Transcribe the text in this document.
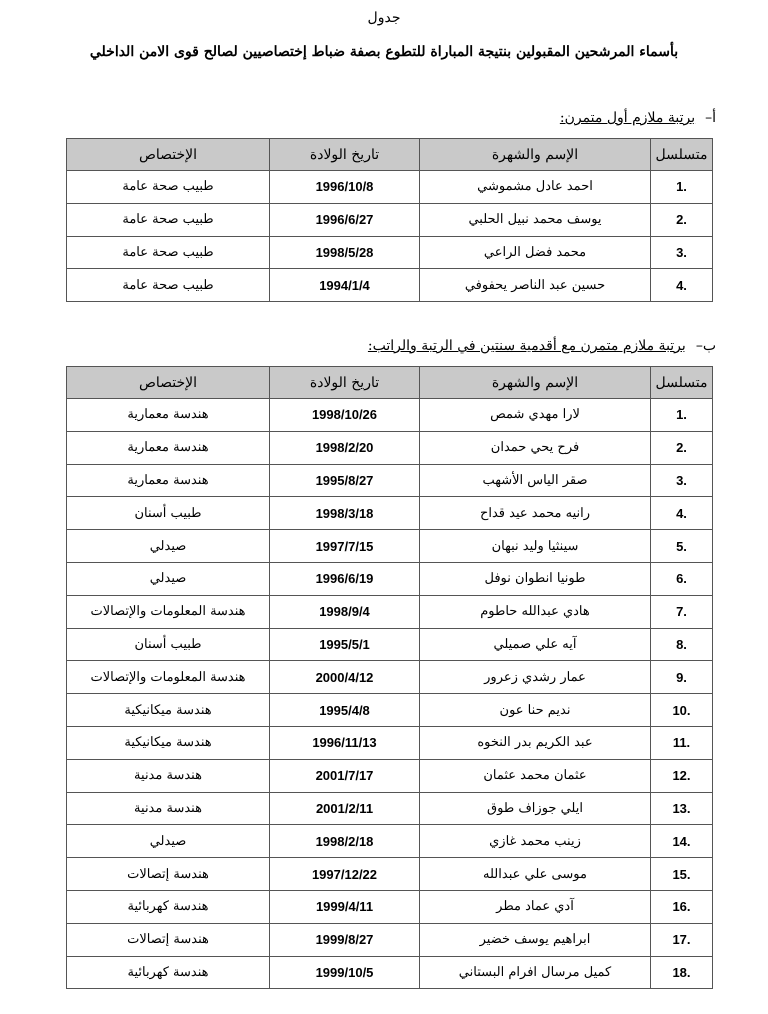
جدول
بأسماء المرشحين المقبولين بنتيجة المباراة للتطوع بصفة ضباط إختصاصيين لصالح قوى الامن الداخلي
أ–برتبة ملازم أول متمرن:
متسلسل	الإسم والشهرة	تاريخ الولادة	الإختصاص
1.	احمد عادل مشموشي	1996/10/8	طبيب صحة عامة
2.	يوسف محمد نبيل الحلبي	1996/6/27	طبيب صحة عامة
3.	محمد فضل الراعي	1998/5/28	طبيب صحة عامة
4.	حسين عبد الناصر يحفوفي	1994/1/4	طبيب صحة عامة
ب–برتبة ملازم متمرن مع أقدمية سنتين في الرتبة والراتب:
متسلسل	الإسم والشهرة	تاريخ الولادة	الإختصاص
1.	لارا مهدي شمص	1998/10/26	هندسة معمارية
2.	فرح يحي حمدان	1998/2/20	هندسة معمارية
3.	صقر الياس الأشهب	1995/8/27	هندسة معمارية
4.	رانيه محمد عيد قداح	1998/3/18	طبيب أسنان
5.	سينثيا وليد نبهان	1997/7/15	صيدلي
6.	طونيا انطوان نوفل	1996/6/19	صيدلي
7.	هادي عبدالله حاطوم	1998/9/4	هندسة المعلومات والإتصالات
8.	آيه علي صميلي	1995/5/1	طبيب أسنان
9.	عمار رشدي زعرور	2000/4/12	هندسة المعلومات والإتصالات
10.	نديم حنا عون	1995/4/8	هندسة ميكانيكية
11.	عبد الكريم بدر النخوه	1996/11/13	هندسة ميكانيكية
12.	عثمان محمد عثمان	2001/7/17	هندسة مدنية
13.	ايلي جوزاف طوق	2001/2/11	هندسة مدنية
14.	زينب محمد غازي	1998/2/18	صيدلي
15.	موسى علي عبدالله	1997/12/22	هندسة إتصالات
16.	آدي عماد مطر	1999/4/11	هندسة كهربائية
17.	ابراهيم يوسف خضير	1999/8/27	هندسة إتصالات
18.	كميل مرسال افرام البستاني	1999/10/5	هندسة كهربائية
